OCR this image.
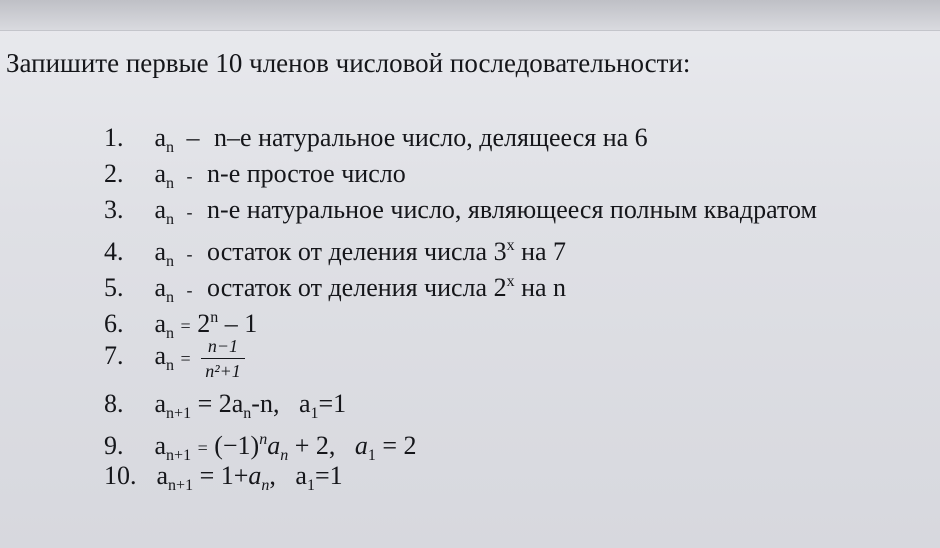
Запишите первые 10 членов числовой последовательности:
1. $a_n - n-е$ натуральное число, делящееся на 6
2. $a_n - n-е$ простое число
3. $a_n - n-е$ натуральное число, являющееся полным квадратом
4. $a_n$ - остаток от деления числа 3$^x$ на 7
5. $a_n$ - остаток от деления числа 2$^x$ на n
6. $a_n = 2^n - 1$
7. $a_n = \frac{n-1}{\text{n²+1}}$
8. $a_{n+1} = 2a_n-n$, $a_1=1$
9. $a_{n+1} = (-1)^na_n + 2$, $a_1 = 2$
10. $a_{n+1} = 1+a_n$, $a_1=1$
